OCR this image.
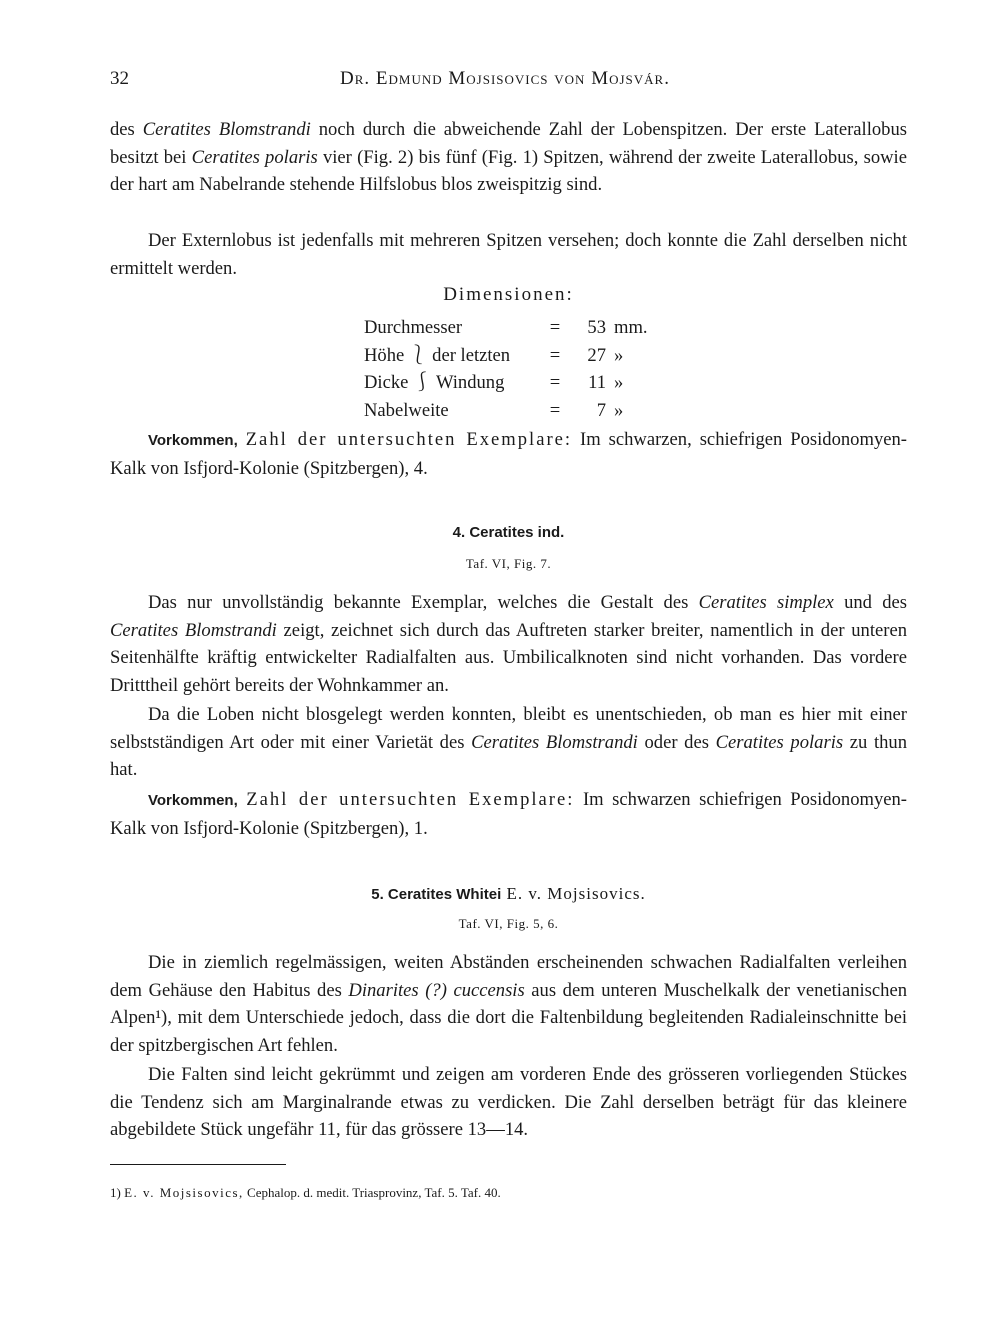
32	Dr. Edmund Mojsisovics von Mojsvár.

des Ceratites Blomstrandi noch durch die abweichende Zahl der Lobenspitzen. Der erste Laterallobus besitzt bei Ceratites polaris vier (Fig. 2) bis fünf (Fig. 1) Spitzen, während der zweite Laterallobus, sowie der hart am Nabelrande stehende Hilfslobus blos zweispitzig sind.

Der Externlobus ist jedenfalls mit mehreren Spitzen versehen; doch konnte die Zahl derselben nicht ermittelt werden.

Dimensionen:
Durchmesser	=	53	mm.
Höhe ⎱ der letzten	=	27	»
Dicke ⎰ Windung	=	11	»
Nabelweite	=	7	»

Vorkommen, Zahl der untersuchten Exemplare: Im schwarzen, schiefrigen Posidonomyen-Kalk von Isfjord-Kolonie (Spitzbergen), 4.

4. Ceratites ind.
Taf. VI, Fig. 7.

Das nur unvollständig bekannte Exemplar, welches die Gestalt des Ceratites simplex und des Ceratites Blomstrandi zeigt, zeichnet sich durch das Auftreten starker breiter, namentlich in der unteren Seitenhälfte kräftig entwickelter Radialfalten aus. Umbilicalknoten sind nicht vorhanden. Das vordere Dritttheil gehört bereits der Wohnkammer an.

Da die Loben nicht blosgelegt werden konnten, bleibt es unentschieden, ob man es hier mit einer selbstständigen Art oder mit einer Varietät des Ceratites Blomstrandi oder des Ceratites polaris zu thun hat.

Vorkommen, Zahl der untersuchten Exemplare: Im schwarzen schiefrigen Posidonomyen-Kalk von Isfjord-Kolonie (Spitzbergen), 1.

5. Ceratites Whitei E. v. Mojsisovics.
Taf. VI, Fig. 5, 6.

Die in ziemlich regelmässigen, weiten Abständen erscheinenden schwachen Radialfalten verleihen dem Gehäuse den Habitus des Dinarites (?) cuccensis aus dem unteren Muschelkalk der venetianischen Alpen¹), mit dem Unterschiede jedoch, dass die dort die Faltenbildung begleitenden Radialeinschnitte bei der spitzbergischen Art fehlen.

Die Falten sind leicht gekrümmt und zeigen am vorderen Ende des grösseren vorliegenden Stückes die Tendenz sich am Marginalrande etwas zu verdicken. Die Zahl derselben beträgt für das kleinere abgebildete Stück ungefähr 11, für das grössere 13—14.

1) E. v. Mojsisovics, Cephalop. d. medit. Triasprovinz, Taf. 5. Taf. 40.
